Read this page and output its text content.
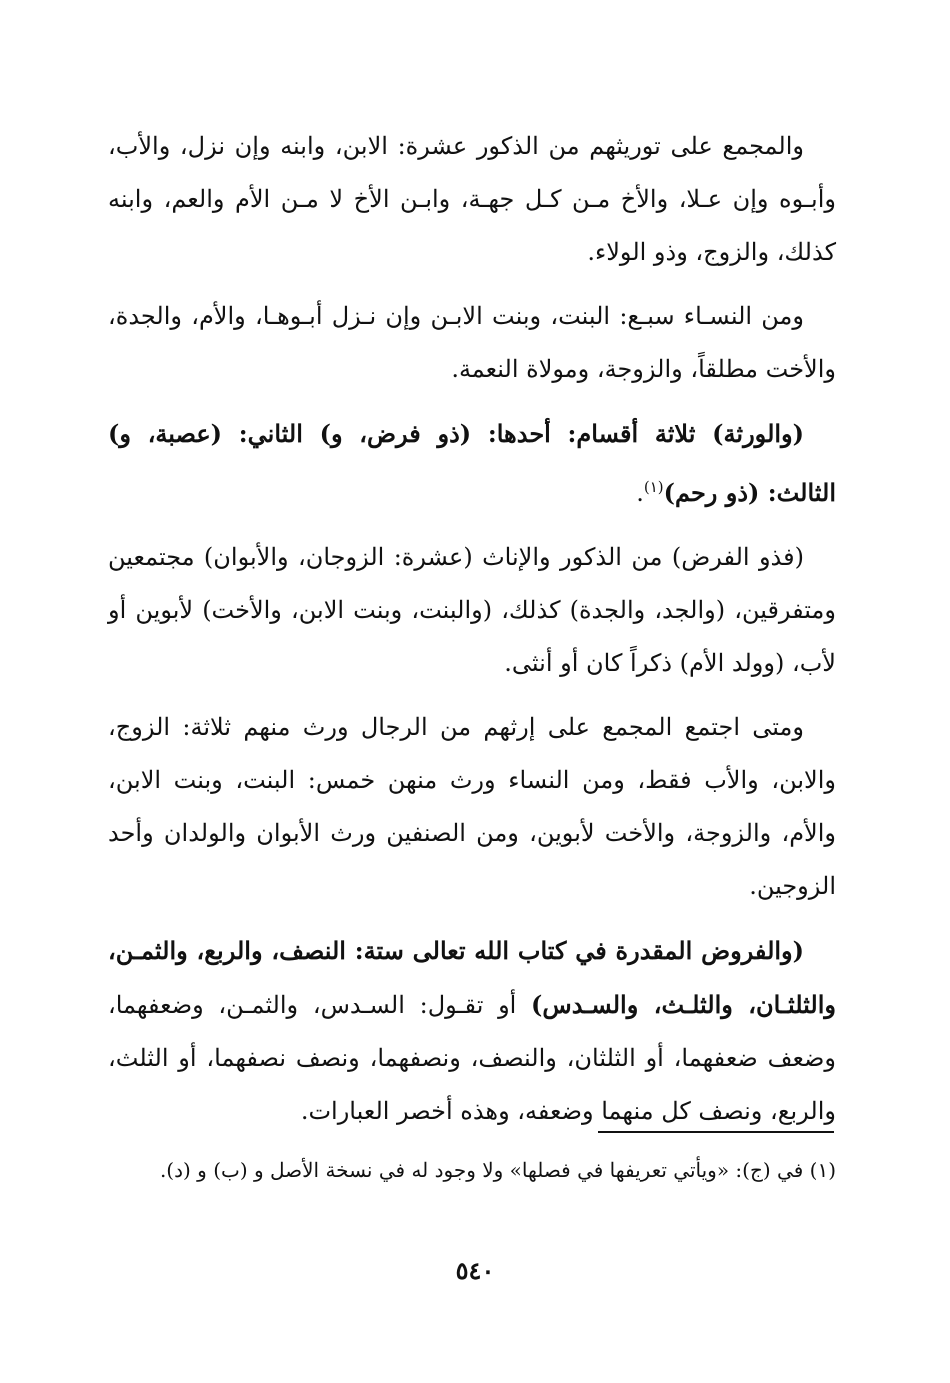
والمجمع على توريثهم من الذكور عشرة: الابن، وابنه وإن نزل، والأب، وأبـوه وإن عـلا، والأخ مـن كـل جهـة، وابـن الأخ لا مـن الأم والعم، وابنه كذلك، والزوج، وذو الولاء.

ومن النسـاء سبـع: البنت، وبنت الابـن وإن نـزل أبـوهـا، والأم، والجدة، والأخت مطلقاً، والزوجة، ومولاة النعمة.

(والورثة) ثلاثة أقسام: أحدها: (ذو فرض، و) الثاني: (عصبة، و) الثالث: (ذو رحم)$^{(١)}$.

(فذو الفرض) من الذكور والإناث (عشرة: الزوجان، والأبوان) مجتمعين ومتفرقين، (والجد، والجدة) كذلك، (والبنت، وبنت الابن، والأخت) لأبوين أو لأب، (وولد الأم) ذكراً كان أو أنثى.

ومتى اجتمع المجمع على إرثهم من الرجال ورث منهم ثلاثة: الزوج، والابن، والأب فقط، ومن النساء ورث منهن خمس: البنت، وبنت الابن، والأم، والزوجة، والأخت لأبوين، ومن الصنفين ورث الأبوان والولدان وأحد الزوجين.

(والفروض المقدرة في كتاب الله تعالى ستة: النصف، والربع، والثمـن، والثلثـان، والثلـث، والسـدس) أو تقـول: السـدس، والثمـن، وضعفهما، وضعف ضعفهما، أو الثلثان، والنصف، ونصفهما، ونصف نصفهما، أو الثلث، والربع، ونصف كل منهما وضعفه، وهذه أخصر العبارات.

(١) في (ج): «ويأتي تعريفها في فصلها» ولا وجود له في نسخة الأصل و (ب) و (د).

٥٤٠
